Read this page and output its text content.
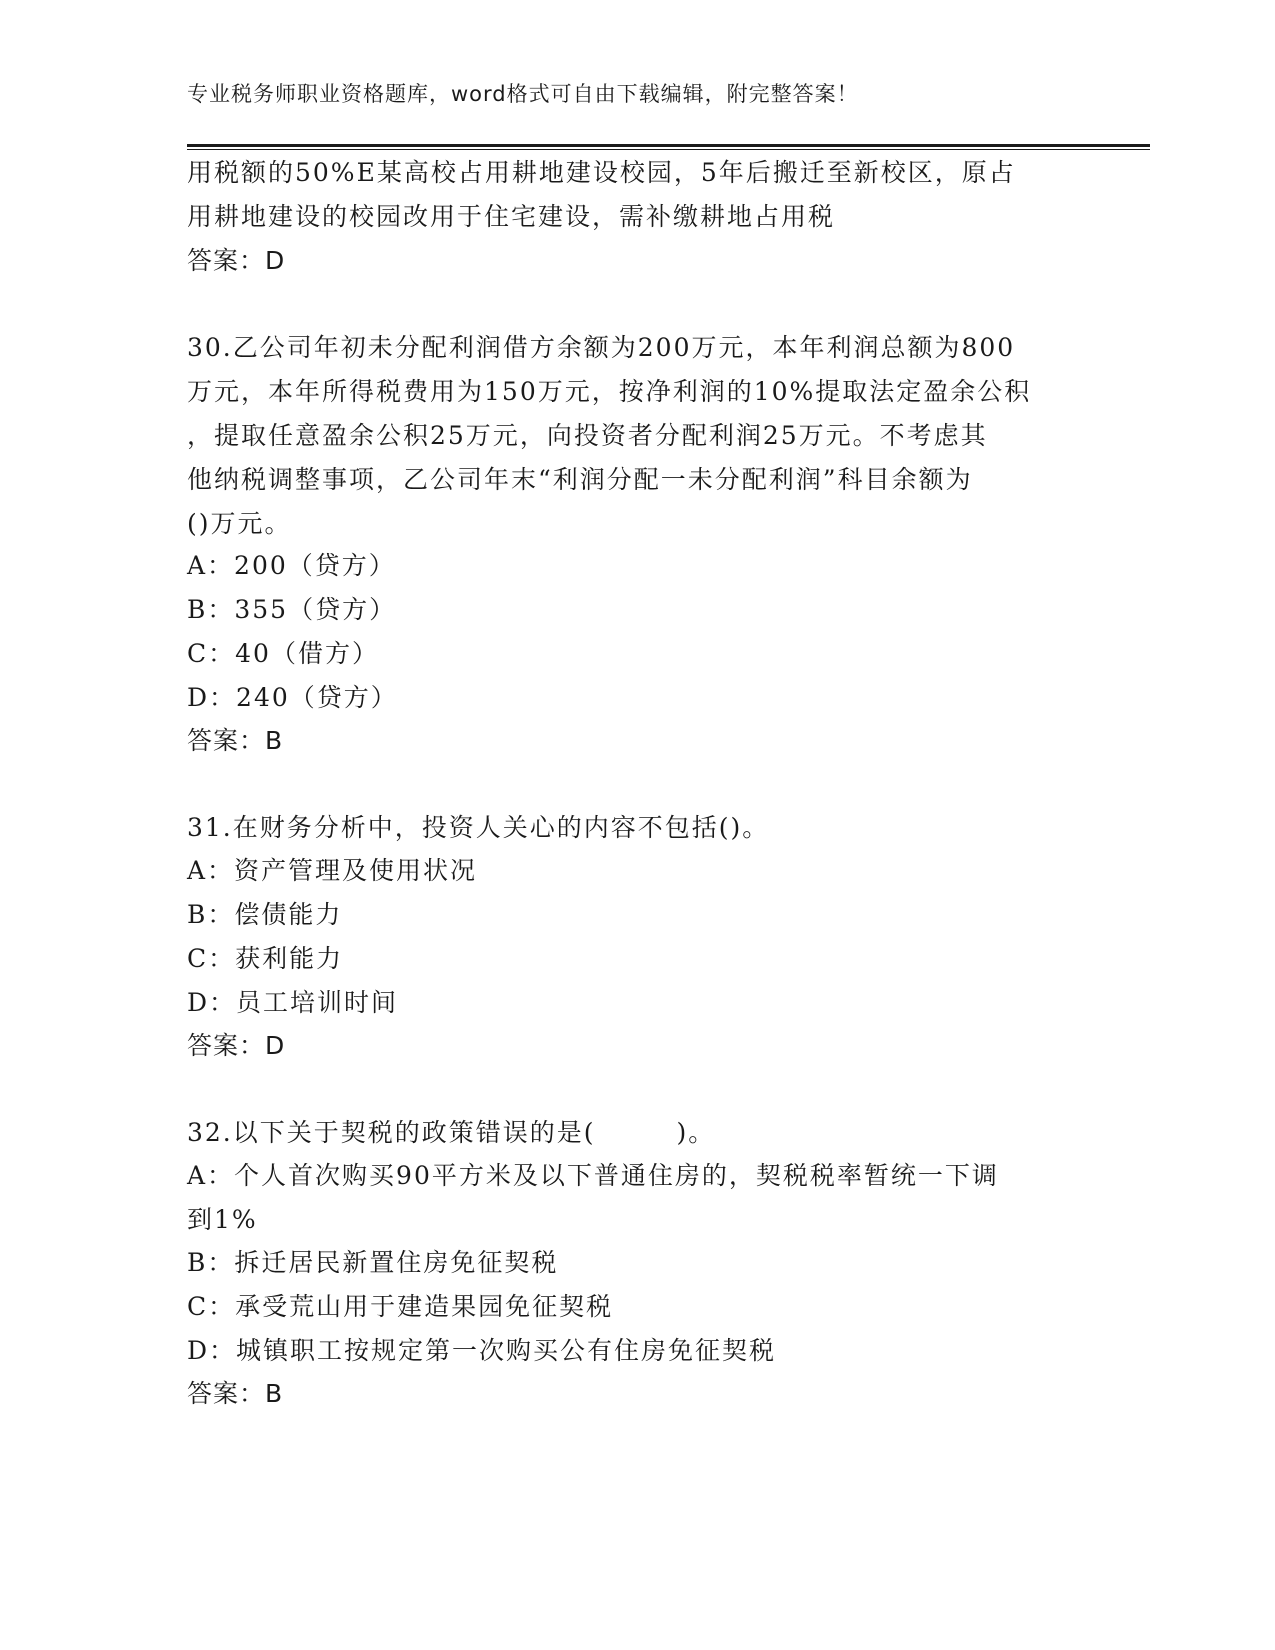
专业税务师职业资格题库，word格式可自由下载编辑，附完整答案！
用税额的50%E某高校占用耕地建设校园，5年后搬迁至新校区，原占
用耕地建设的校园改用于住宅建设，需补缴耕地占用税
答案：D
30.乙公司年初未分配利润借方余额为200万元，本年利润总额为800
万元，本年所得税费用为150万元，按净利润的10%提取法定盈余公积
，提取任意盈余公积25万元，向投资者分配利润25万元。不考虑其
他纳税调整事项，乙公司年末“利润分配一未分配利润”科目余额为
()万元。
A：200（贷方）
B：355（贷方）
C：40（借方）
D：240（贷方）
答案：B
31.在财务分析中，投资人关心的内容不包括()。
A：资产管理及使用状况
B：偿债能力
C：获利能力
D：员工培训时间
答案：D
32.以下关于契税的政策错误的是(　　　)。
A：个人首次购买90平方米及以下普通住房的，契税税率暂统一下调
到1%
B：拆迁居民新置住房免征契税
C：承受荒山用于建造果园免征契税
D：城镇职工按规定第一次购买公有住房免征契税
答案：B
